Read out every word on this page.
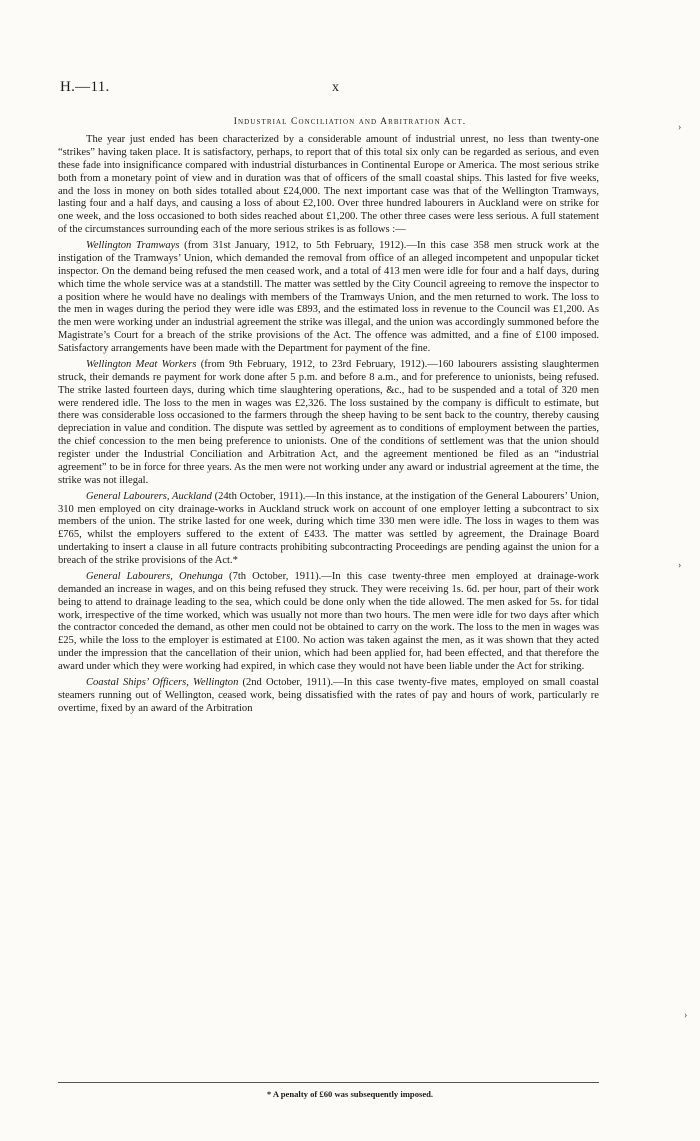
H.—11.	x
Industrial Conciliation and Arbitration Act.

The year just ended has been characterized by a considerable amount of industrial unrest, no less than twenty-one “strikes” having taken place. It is satisfactory, perhaps, to report that of this total six only can be regarded as serious, and even these fade into insignificance compared with industrial disturbances in Continental Europe or America. The most serious strike both from a monetary point of view and in duration was that of officers of the small coastal ships. This lasted for five weeks, and the loss in money on both sides totalled about £24,000. The next important case was that of the Wellington Tramways, lasting four and a half days, and causing a loss of about £2,100. Over three hundred labourers in Auckland were on strike for one week, and the loss occasioned to both sides reached about £1,200. The other three cases were less serious. A full statement of the circumstances surrounding each of the more serious strikes is as follows :—

Wellington Tramways (from 31st January, 1912, to 5th February, 1912).—In this case 358 men struck work at the instigation of the Tramways’ Union, which demanded the removal from office of an alleged incompetent and unpopular ticket inspector. On the demand being refused the men ceased work, and a total of 413 men were idle for four and a half days, during which time the whole service was at a standstill. The matter was settled by the City Council agreeing to remove the inspector to a position where he would have no dealings with members of the Tramways Union, and the men returned to work. The loss to the men in wages during the period they were idle was £893, and the estimated loss in revenue to the Council was £1,200. As the men were working under an industrial agreement the strike was illegal, and the union was accordingly summoned before the Magistrate’s Court for a breach of the strike provisions of the Act. The offence was admitted, and a fine of £100 imposed. Satisfactory arrangements have been made with the Department for payment of the fine.

Wellington Meat Workers (from 9th February, 1912, to 23rd February, 1912).—160 labourers assisting slaughtermen struck, their demands re payment for work done after 5 p.m. and before 8 a.m., and for preference to unionists, being refused. The strike lasted fourteen days, during which time slaughtering operations, &c., had to be suspended and a total of 320 men were rendered idle. The loss to the men in wages was £2,326. The loss sustained by the company is difficult to estimate, but there was considerable loss occasioned to the farmers through the sheep having to be sent back to the country, thereby causing depreciation in value and condition. The dispute was settled by agreement as to conditions of employment between the parties, the chief concession to the men being preference to unionists. One of the conditions of settlement was that the union should register under the Industrial Conciliation and Arbitration Act, and the agreement mentioned be filed as an “industrial agreement” to be in force for three years. As the men were not working under any award or industrial agreement at the time, the strike was not illegal.

General Labourers, Auckland (24th October, 1911).—In this instance, at the instigation of the General Labourers’ Union, 310 men employed on city drainage-works in Auckland struck work on account of one employer letting a subcontract to six members of the union. The strike lasted for one week, during which time 330 men were idle. The loss in wages to them was £765, whilst the employers suffered to the extent of £433. The matter was settled by agreement, the Drainage Board undertaking to insert a clause in all future contracts prohibiting subcontracting Proceedings are pending against the union for a breach of the strike provisions of the Act.*

General Labourers, Onehunga (7th October, 1911).—In this case twenty-three men employed at drainage-work demanded an increase in wages, and on this being refused they struck. They were receiving 1s. 6d. per hour, part of their work being to attend to drainage leading to the sea, which could be done only when the tide allowed. The men asked for 5s. for tidal work, irrespective of the time worked, which was usually not more than two hours. The men were idle for two days after which the contractor conceded the demand, as other men could not be obtained to carry on the work. The loss to the men in wages was £25, while the loss to the employer is estimated at £100. No action was taken against the men, as it was shown that they acted under the impression that the cancellation of their union, which had been applied for, had been effected, and that therefore the award under which they were working had expired, in which case they would not have been liable under the Act for striking.

Coastal Ships’ Officers, Wellington (2nd October, 1911).—In this case twenty-five mates, employed on small coastal steamers running out of Wellington, ceased work, being dissatisfied with the rates of pay and hours of work, particularly re overtime, fixed by an award of the Arbitration

* A penalty of £60 was subsequently imposed.
›
›
›
